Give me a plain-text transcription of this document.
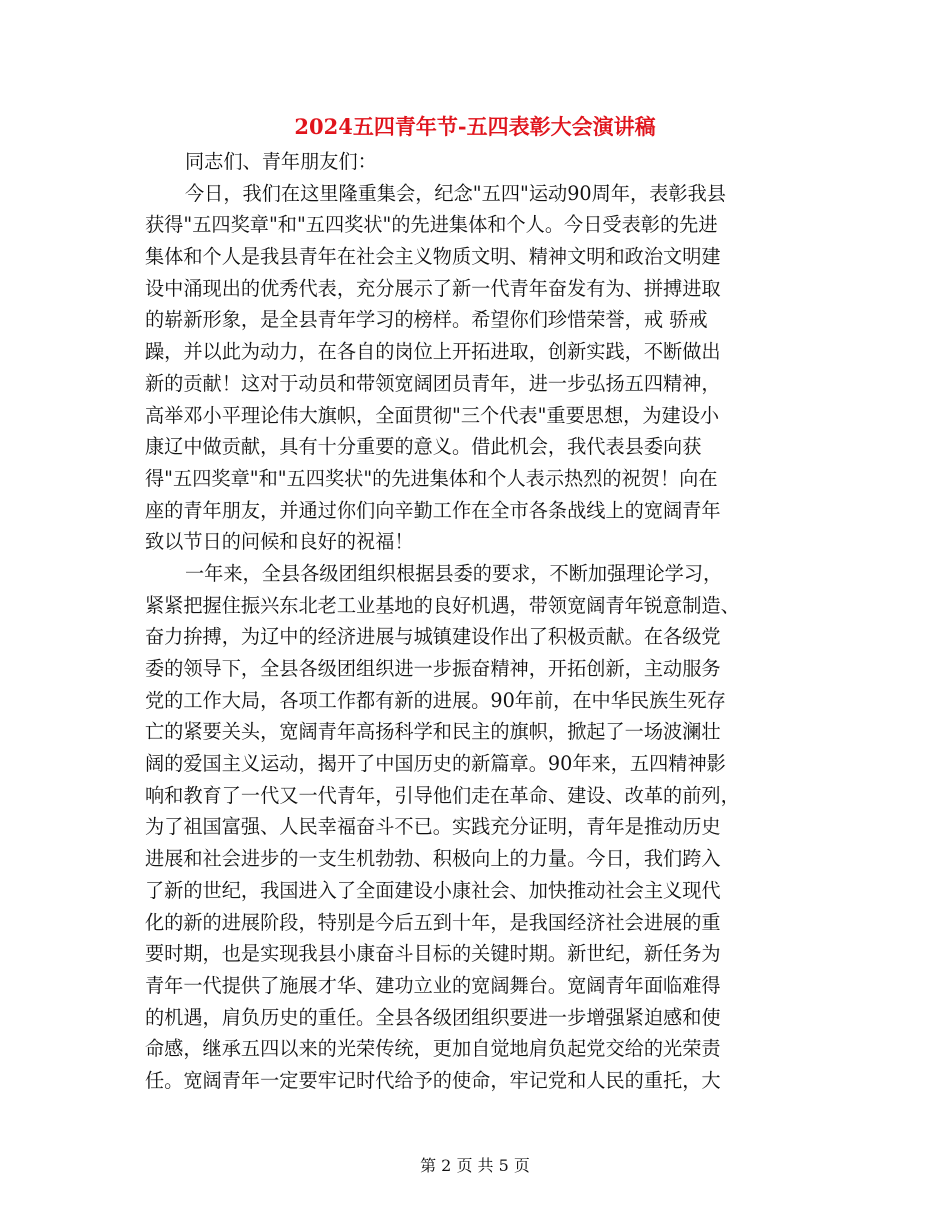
2024五四青年节-五四表彰大会演讲稿
同志们、青年朋友们：
今日，我们在这里隆重集会，纪念"五四"运动90周年，表彰我县
获得"五四奖章"和"五四奖状"的先进集体和个人。今日受表彰的先进
集体和个人是我县青年在社会主义物质文明、精神文明和政治文明建
设中涌现出的优秀代表，充分展示了新一代青年奋发有为、拼搏进取
的崭新形象，是全县青年学习的榜样。希望你们珍惜荣誉，戒 骄戒
躁，并以此为动力，在各自的岗位上开拓进取，创新实践，不断做出
新的贡献！这对于动员和带领宽阔团员青年，进一步弘扬五四精神，
高举邓小平理论伟大旗帜，全面贯彻"三个代表"重要思想，为建设小
康辽中做贡献，具有十分重要的意义。借此机会，我代表县委向获
得"五四奖章"和"五四奖状"的先进集体和个人表示热烈的祝贺！向在
座的青年朋友，并通过你们向辛勤工作在全市各条战线上的宽阔青年
致以节日的问候和良好的祝福！
一年来，全县各级团组织根据县委的要求，不断加强理论学习，
紧紧把握住振兴东北老工业基地的良好机遇，带领宽阔青年锐意制造、
奋力拚搏，为辽中的经济进展与城镇建设作出了积极贡献。在各级党
委的领导下，全县各级团组织进一步振奋精神，开拓创新，主动服务
党的工作大局，各项工作都有新的进展。90年前，在中华民族生死存
亡的紧要关头，宽阔青年高扬科学和民主的旗帜，掀起了一场波澜壮
阔的爱国主义运动，揭开了中国历史的新篇章。90年来，五四精神影
响和教育了一代又一代青年，引导他们走在革命、建设、改革的前列，
为了祖国富强、人民幸福奋斗不已。实践充分证明，青年是推动历史
进展和社会进步的一支生机勃勃、积极向上的力量。今日，我们跨入
了新的世纪，我国进入了全面建设小康社会、加快推动社会主义现代
化的新的进展阶段，特别是今后五到十年，是我国经济社会进展的重
要时期，也是实现我县小康奋斗目标的关键时期。新世纪，新任务为
青年一代提供了施展才华、建功立业的宽阔舞台。宽阔青年面临难得
的机遇，肩负历史的重任。全县各级团组织要进一步增强紧迫感和使
命感，继承五四以来的光荣传统，更加自觉地肩负起党交给的光荣责
任。宽阔青年一定要牢记时代给予的使命，牢记党和人民的重托，大
第 2 页 共 5 页
